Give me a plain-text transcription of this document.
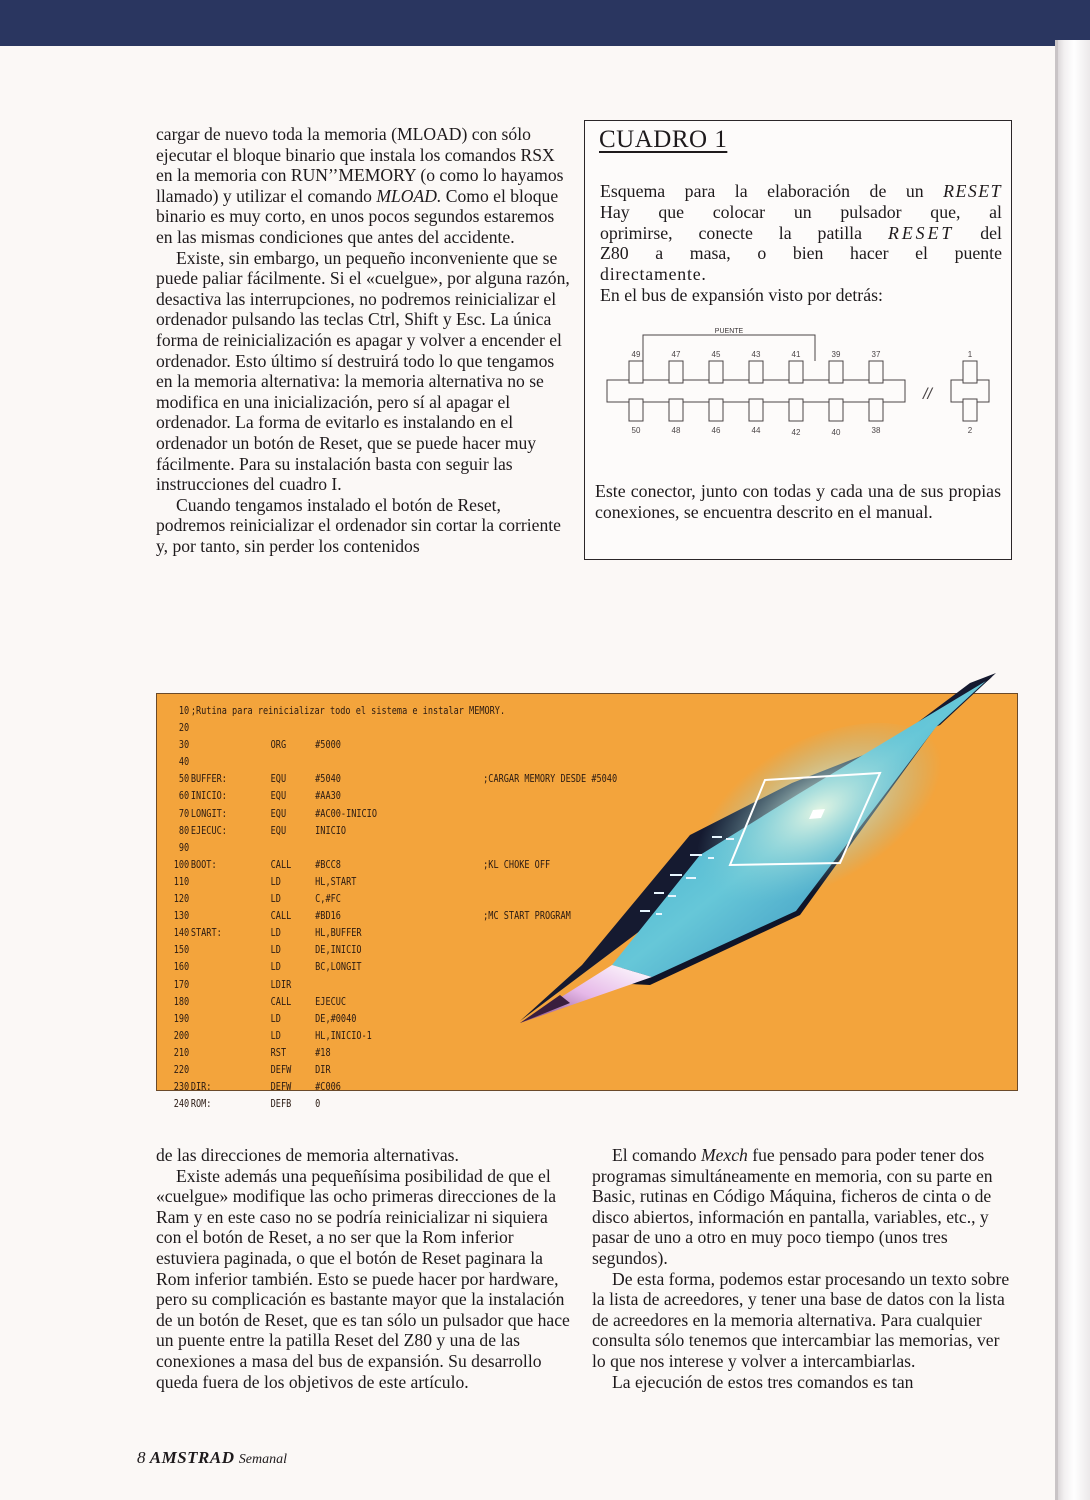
cargar de nuevo toda la memoria (MLOAD) con sólo ejecutar el bloque binario que instala los comandos RSX en la memoria con RUN’’MEMORY (o como lo hayamos llamado) y utilizar el comando MLOAD. Como el bloque binario es muy corto, en unos pocos segundos estaremos en las mismas condiciones que antes del accidente.

Existe, sin embargo, un pequeño inconveniente que se puede paliar fácilmente. Si el «cuelgue», por alguna razón, desactiva las interrupciones, no podremos reinicializar el ordenador pulsando las teclas Ctrl, Shift y Esc. La única forma de reinicialización es apagar y volver a encender el ordenador. Esto último sí destruirá todo lo que tengamos en la memoria alternativa: la memoria alternativa no se modifica en una inicialización, pero sí al apagar el ordenador. La forma de evitarlo es instalando en el ordenador un botón de Reset, que se puede hacer muy fácilmente. Para su instalación basta con seguir las instrucciones del cuadro I.

Cuando tengamos instalado el botón de Reset, podremos reinicializar el ordenador sin cortar la corriente y, por tanto, sin perder los contenidos

CUADRO 1
Esquema para la elaboración de un RESET
Hay que colocar un pulsador que, al
oprimirse, conecte la patilla RESET del
Z80 a masa, o bien hacer el puente
directamente.
En el bus de expansión visto por detrás:
PUENTE
49	47	45	43	41	39	37
50	48	46	44	42	40	38
1
2
//

Este conector, junto con todas y cada una de sus propias conexiones, se encuentra descrito en el manual.

10 ;Rutina para reinicializar todo el sistema e instalar MEMORY.
20
30	ORG	#5000
40
50 BUFFER:	EQU	#5040	;CARGAR MEMORY DESDE #5040
60 INICIO:	EQU	#AA30
70 LONGIT:	EQU	#AC00-INICIO
80 EJECUC:	EQU	INICIO
90
100 BOOT:	CALL #BCC8	;KL CHOKE OFF
110	LD	HL,START
120	LD	C,#FC
130	CALL #BD16	;MC START PROGRAM
140 START:	LD	HL,BUFFER
150	LD	DE,INICIO
160	LD	BC,LONGIT
170	LDIR
180	CALL EJECUC
190	LD	DE,#0040
200	LD	HL,INICIO-1
210	RST	#18
220	DEFW DIR
230 DIR:	DEFW #C006
240 ROM:	DEFB 0

de las direcciones de memoria alternativas.

Existe además una pequeñísima posibilidad de que el «cuelgue» modifique las ocho primeras direcciones de la Ram y en este caso no se podría reinicializar ni siquiera con el botón de Reset, a no ser que la Rom inferior estuviera paginada, o que el botón de Reset paginara la Rom inferior también. Esto se puede hacer por hardware, pero su complicación es bastante mayor que la instalación de un botón de Reset, que es tan sólo un pulsador que hace un puente entre la patilla Reset del Z80 y una de las conexiones a masa del bus de expansión. Su desarrollo queda fuera de los objetivos de este artículo.

El comando Mexch fue pensado para poder tener dos programas simultáneamente en memoria, con su parte en Basic, rutinas en Código Máquina, ficheros de cinta o de disco abiertos, información en pantalla, variables, etc., y pasar de uno a otro en muy poco tiempo (unos tres segundos).

De esta forma, podemos estar procesando un texto sobre la lista de acreedores, y tener una base de datos con la lista de acreedores en la memoria alternativa. Para cualquier consulta sólo tenemos que intercambiar las memorias, ver lo que nos interese y volver a intercambiarlas.

La ejecución de estos tres comandos es tan

8 AMSTRAD Semanal
